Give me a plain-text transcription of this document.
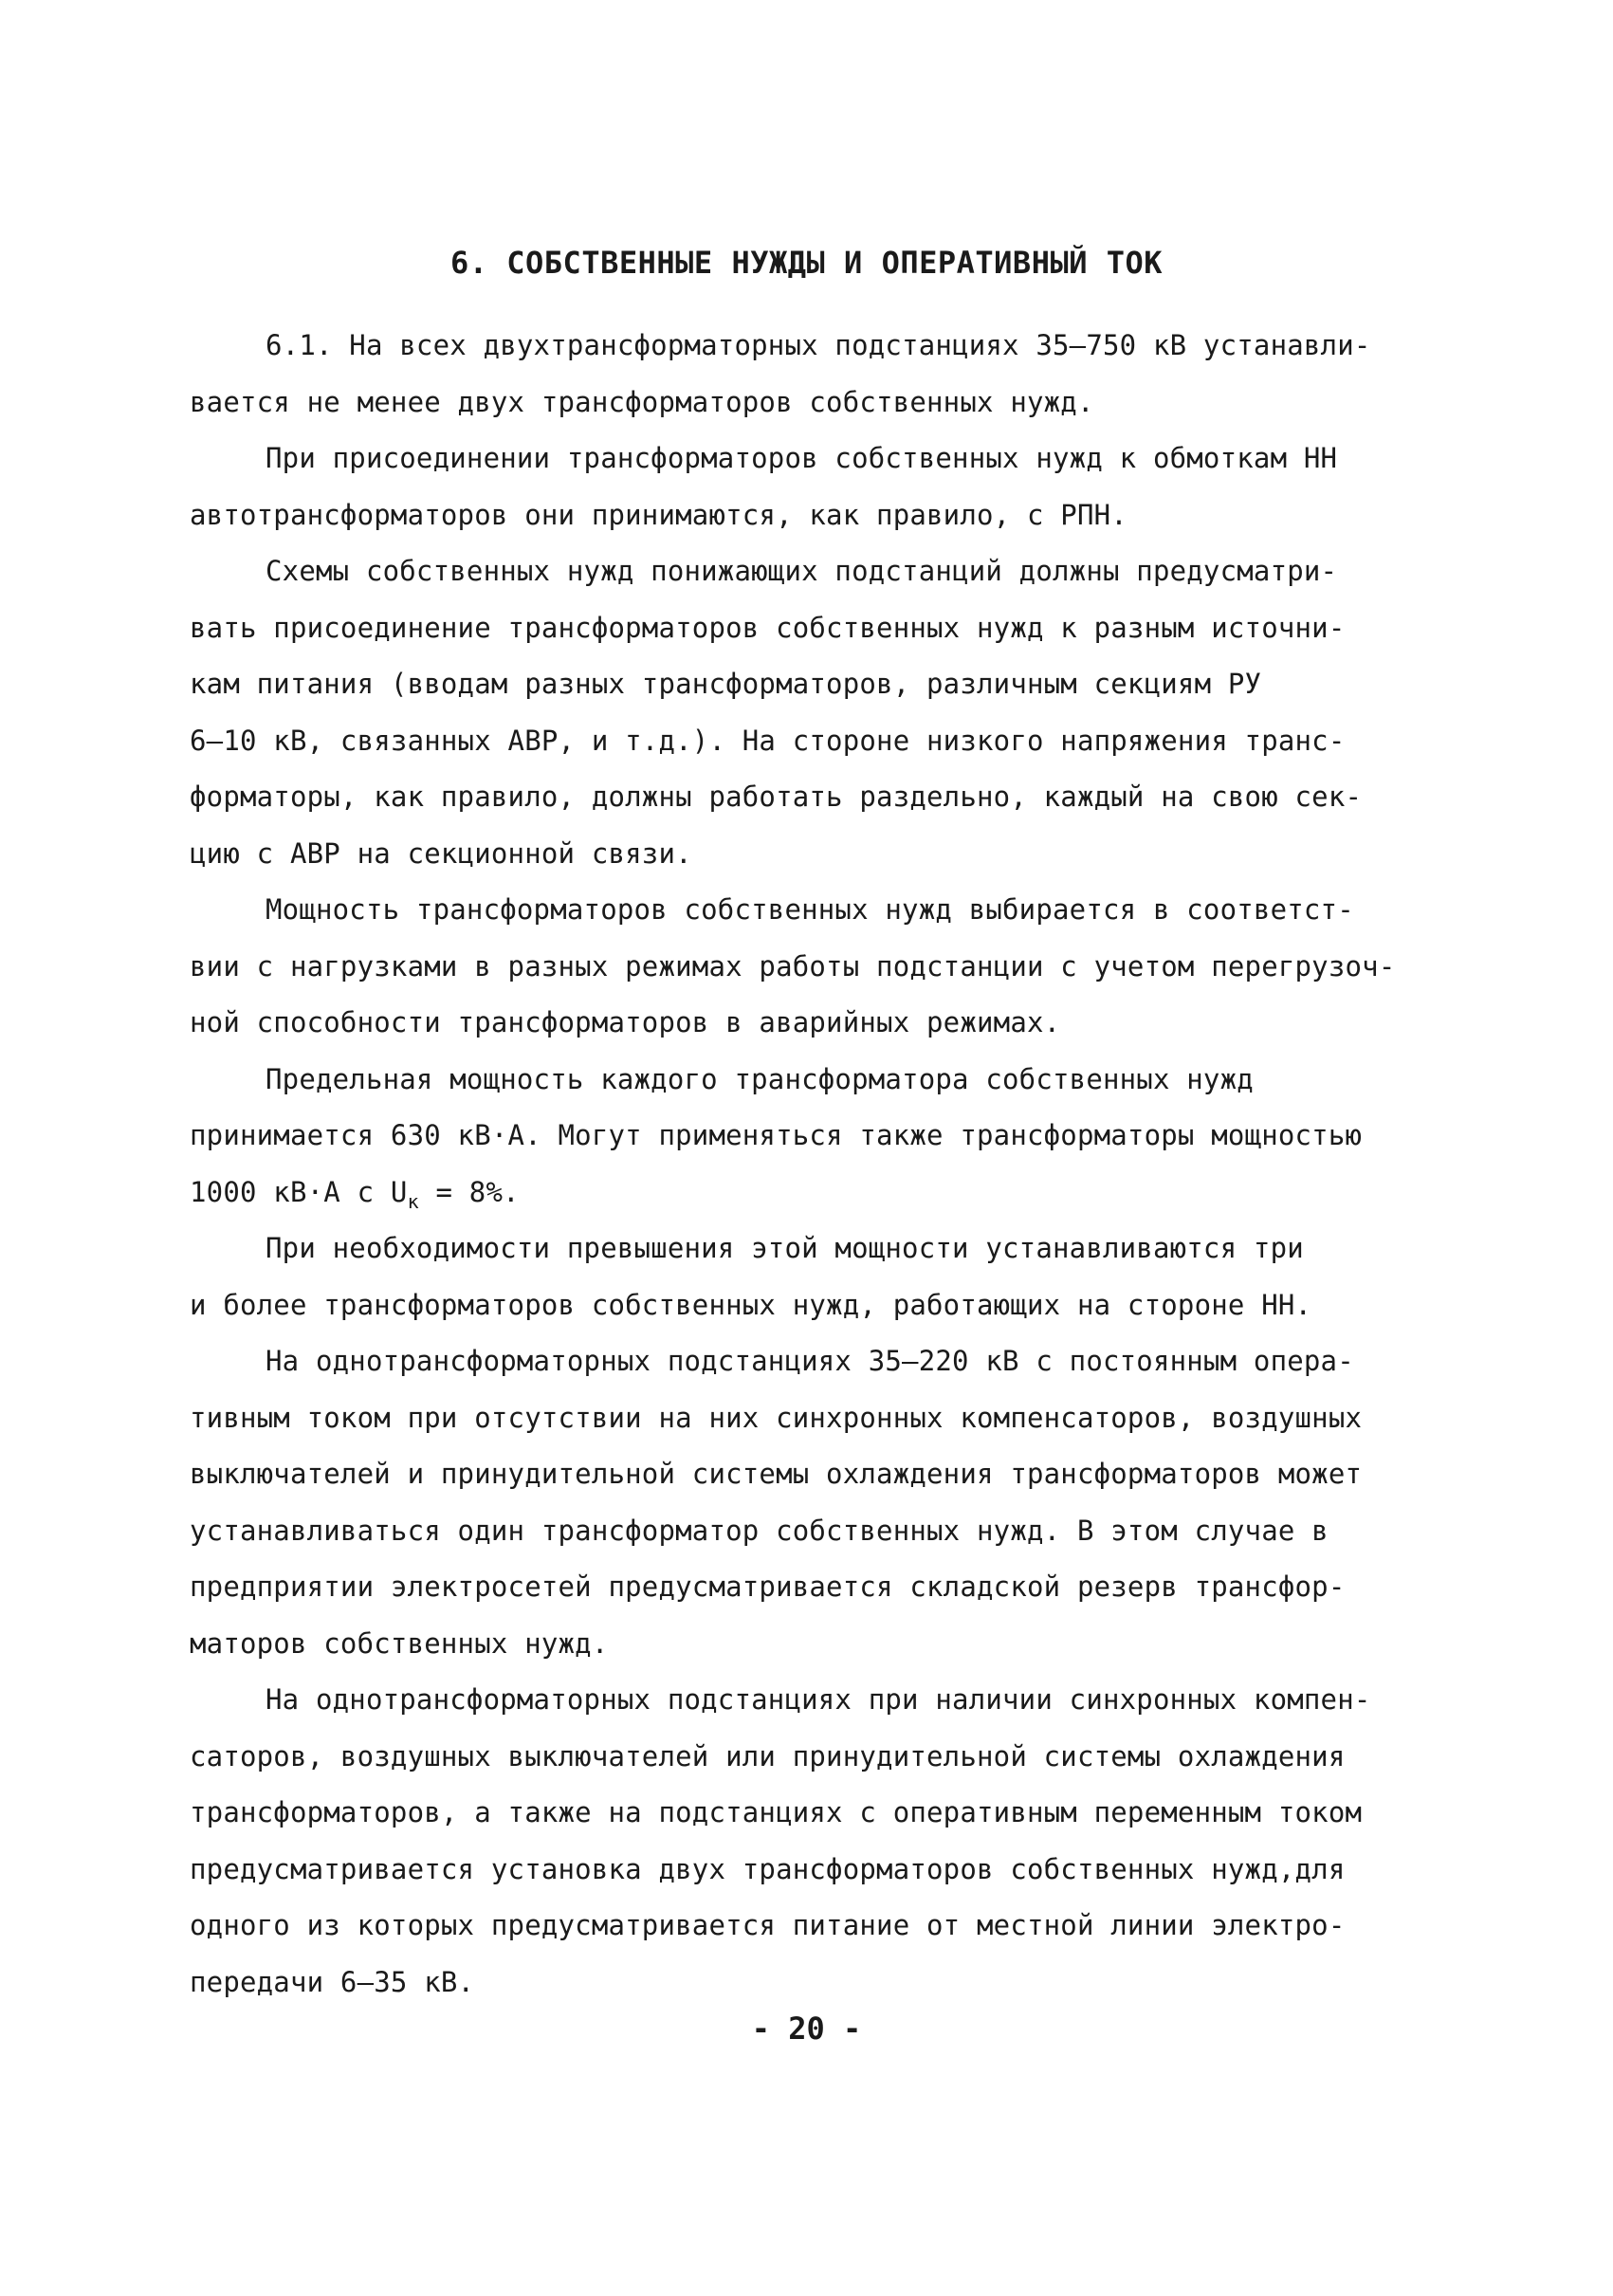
6. СОБСТВЕННЫЕ НУЖДЫ И ОПЕРАТИВНЫЙ ТОК
6.1. На всех двухтрансформаторных подстанциях 35–750 кВ устанавли-
вается не менее двух трансформаторов собственных нужд.
При присоединении трансформаторов собственных нужд к обмоткам НН
автотрансформаторов они принимаются, как правило, с РПН.
Схемы собственных нужд понижающих подстанций должны предусматри-
вать присоединение трансформаторов собственных нужд к разным источни-
кам питания (вводам разных трансформаторов, различным секциям РУ
6–10 кВ, связанных АВР, и т.д.). На стороне низкого напряжения транс-
форматоры, как правило, должны работать раздельно, каждый на свою сек-
цию с АВР на секционной связи.
Мощность трансформаторов собственных нужд выбирается в соответст-
вии с нагрузками в разных режимах работы подстанции с учетом перегрузоч-
ной способности трансформаторов в аварийных режимах.
Предельная мощность каждого трансформатора собственных нужд
принимается 630 кВ·А. Могут применяться также трансформаторы мощностью
1000 кВ·А с $U_к = 8\%$.
При необходимости превышения этой мощности устанавливаются три
и более трансформаторов собственных нужд, работающих на стороне НН.
На однотрансформаторных подстанциях 35–220 кВ с постоянным опера-
тивным током при отсутствии на них синхронных компенсаторов, воздушных
выключателей и принудительной системы охлаждения трансформаторов может
устанавливаться один трансформатор собственных нужд. В этом случае в
предприятии электросетей предусматривается складской резерв трансфор-
маторов собственных нужд.
На однотрансформаторных подстанциях при наличии синхронных компен-
саторов, воздушных выключателей или принудительной системы охлаждения
трансформаторов, а также на подстанциях с оперативным переменным током
предусматривается установка двух трансформаторов собственных нужд,для
одного из которых предусматривается питание от местной линии электро-
передачи 6–35 кВ.
- 20 -
